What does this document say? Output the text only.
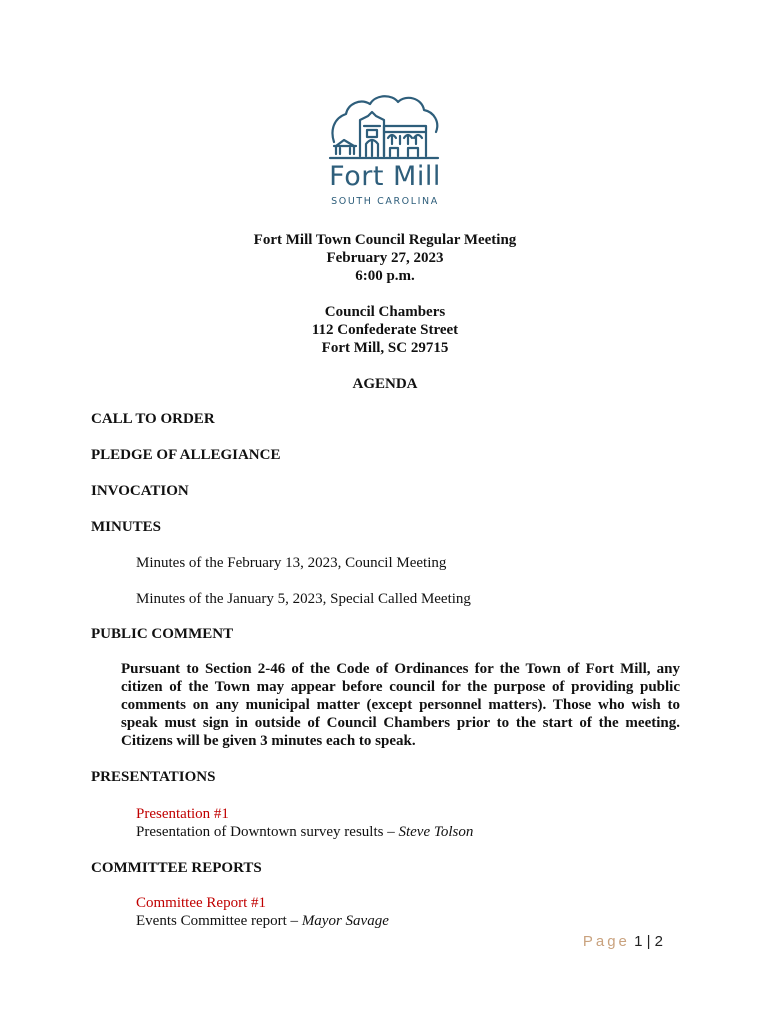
Fort Mill
SOUTH CAROLINA
Fort Mill Town Council Regular Meeting
February 27, 2023
6:00 p.m.
Council Chambers
112 Confederate Street
Fort Mill, SC 29715
AGENDA
CALL TO ORDER
PLEDGE OF ALLEGIANCE
INVOCATION
MINUTES
Minutes of the February 13, 2023, Council Meeting
Minutes of the January 5, 2023, Special Called Meeting
PUBLIC COMMENT
Pursuant to Section 2-46 of the Code of Ordinances for the Town of Fort Mill, any citizen of the Town may appear before council for the purpose of providing public comments on any municipal matter (except personnel matters). Those who wish to speak must sign in outside of Council Chambers prior to the start of the meeting. Citizens will be given 3 minutes each to speak.
PRESENTATIONS
Presentation #1
Presentation of Downtown survey results – Steve Tolson
COMMITTEE REPORTS
Committee Report #1
Events Committee report – Mayor Savage
Page 1 | 2
